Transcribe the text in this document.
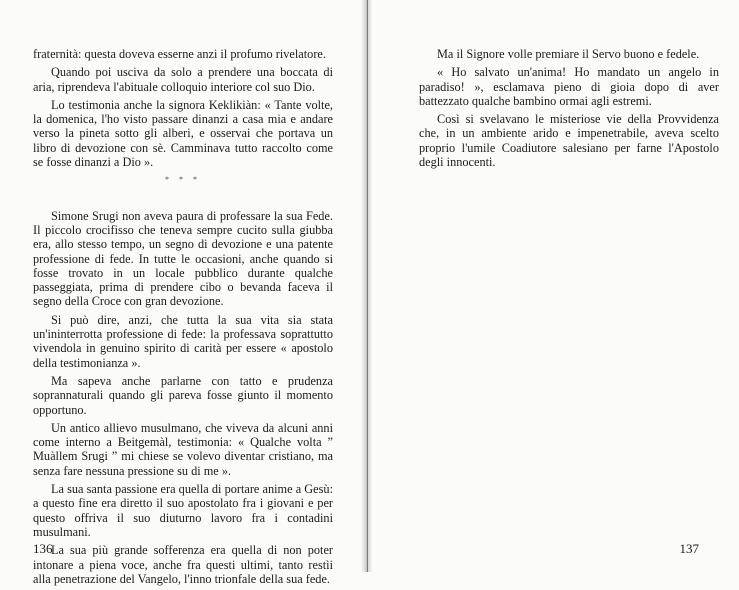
fraternità: questa doveva esserne anzi il profumo rivelatore.

Quando poi usciva da solo a prendere una boccata di aria, riprendeva l'abituale colloquio interiore col suo Dio.

Lo testimonia anche la signora Keklikiàn: « Tante volte, la domenica, l'ho visto passare dinanzi a casa mia e andare verso la pineta sotto gli alberi, e osservai che portava un libro di devozione con sè. Camminava tutto raccolto come se fosse dinanzi a Dio ».

* * *

Simone Srugi non aveva paura di professare la sua Fede. Il piccolo crocifisso che teneva sempre cucito sulla giubba era, allo stesso tempo, un segno di devozione e una patente professione di fede. In tutte le occasioni, anche quando si fosse trovato in un locale pubblico durante qualche passeggiata, prima di prendere cibo o bevanda faceva il segno della Croce con gran devozione.

Si può dire, anzi, che tutta la sua vita sia stata un'ininterrotta professione di fede: la professava soprattutto vivendola in genuino spirito di carità per essere « apostolo della testimonianza ».

Ma sapeva anche parlarne con tatto e prudenza soprannaturali quando gli pareva fosse giunto il momento opportuno.

Un antico allievo musulmano, che viveva da alcuni anni come interno a Beitgemàl, testimonia: « Qualche volta ” Muàllem Srugi ” mi chiese se volevo diventar cristiano, ma senza fare nessuna pressione su di me ».

La sua santa passione era quella di portare anime a Gesù: a questo fine era diretto il suo apostolato fra i giovani e per questo offriva il suo diuturno lavoro fra i contadini musulmani.

La sua più grande sofferenza era quella di non poter intonare a piena voce, anche fra questi ultimi, tanto restìi alla penetrazione del Vangelo, l'inno trionfale della sua fede.

136

Ma il Signore volle premiare il Servo buono e fedele.

« Ho salvato un'anima! Ho mandato un angelo in paradiso! », esclamava pieno di gioia dopo di aver battezzato qualche bambino ormai agli estremi.

Così si svelavano le misteriose vie della Provvidenza che, in un ambiente arido e impenetrabile, aveva scelto proprio l'umile Coadiutore salesiano per farne l'Apostolo degli innocenti.

137
